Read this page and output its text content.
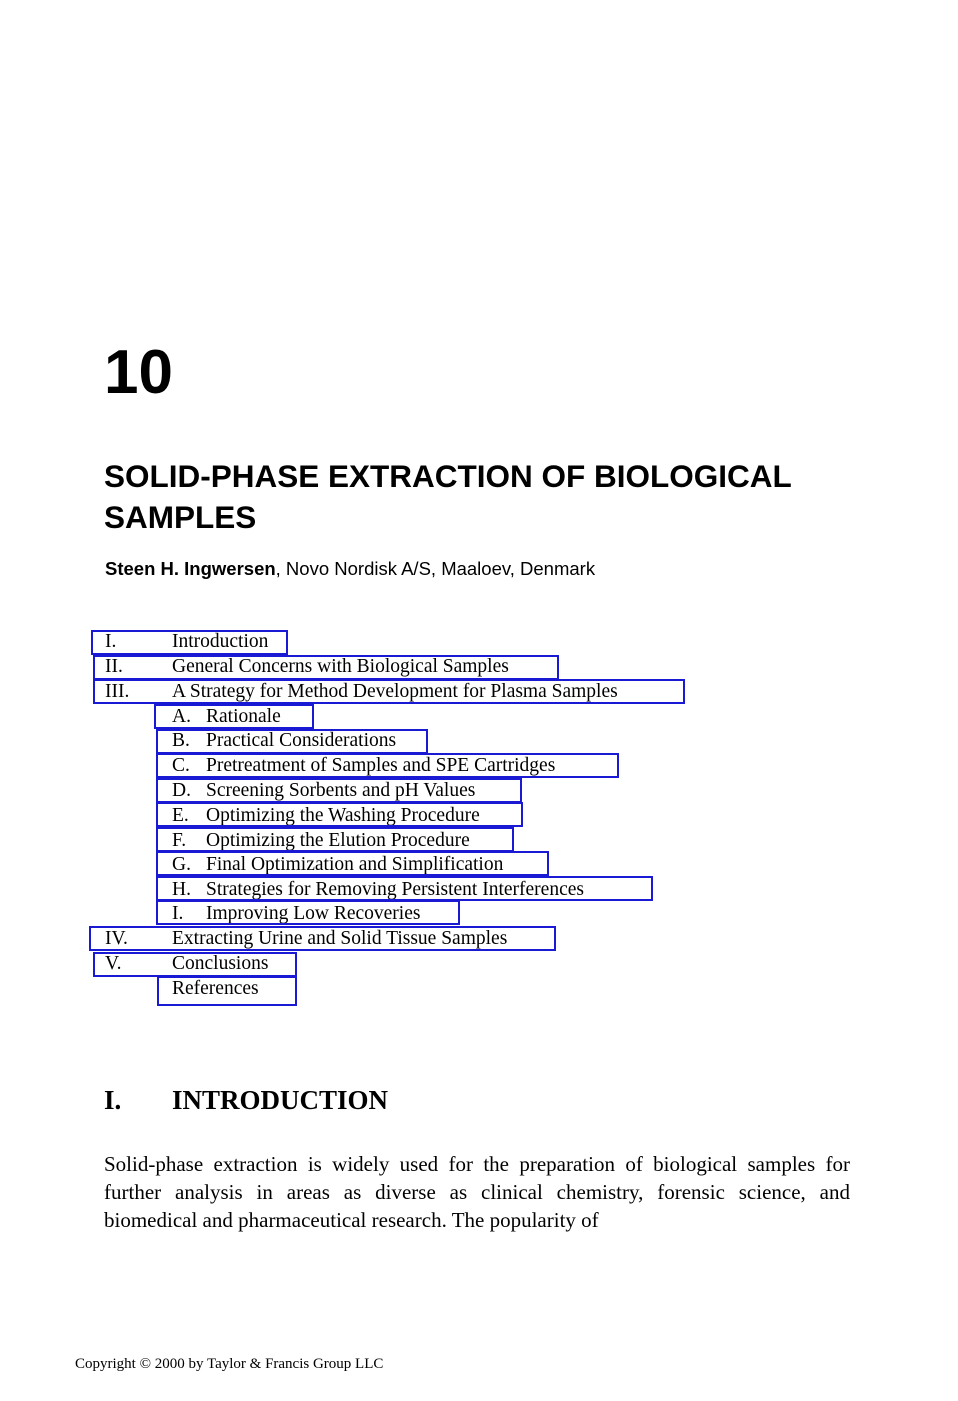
10
SOLID-PHASE EXTRACTION OF BIOLOGICAL SAMPLES

Steen H. Ingwersen, Novo Nordisk A/S, Maaloev, Denmark

I.	Introduction
II.	General Concerns with Biological Samples
III. A Strategy for Method Development for Plasma Samples
A. Rationale
B. Practical Considerations
C. Pretreatment of Samples and SPE Cartridges
D. Screening Sorbents and pH Values
E. Optimizing the Washing Procedure
F. Optimizing the Elution Procedure
G. Final Optimization and Simplification
H. Strategies for Removing Persistent Interferences
I. Improving Low Recoveries
IV. Extracting Urine and Solid Tissue Samples
V.	Conclusions
References
I. INTRODUCTION

Solid-phase extraction is widely used for the preparation of biological samples for further analysis in areas as diverse as clinical chemistry, forensic science, and biomedical and pharmaceutical research. The popularity of

Copyright © 2000 by Taylor & Francis Group LLC
